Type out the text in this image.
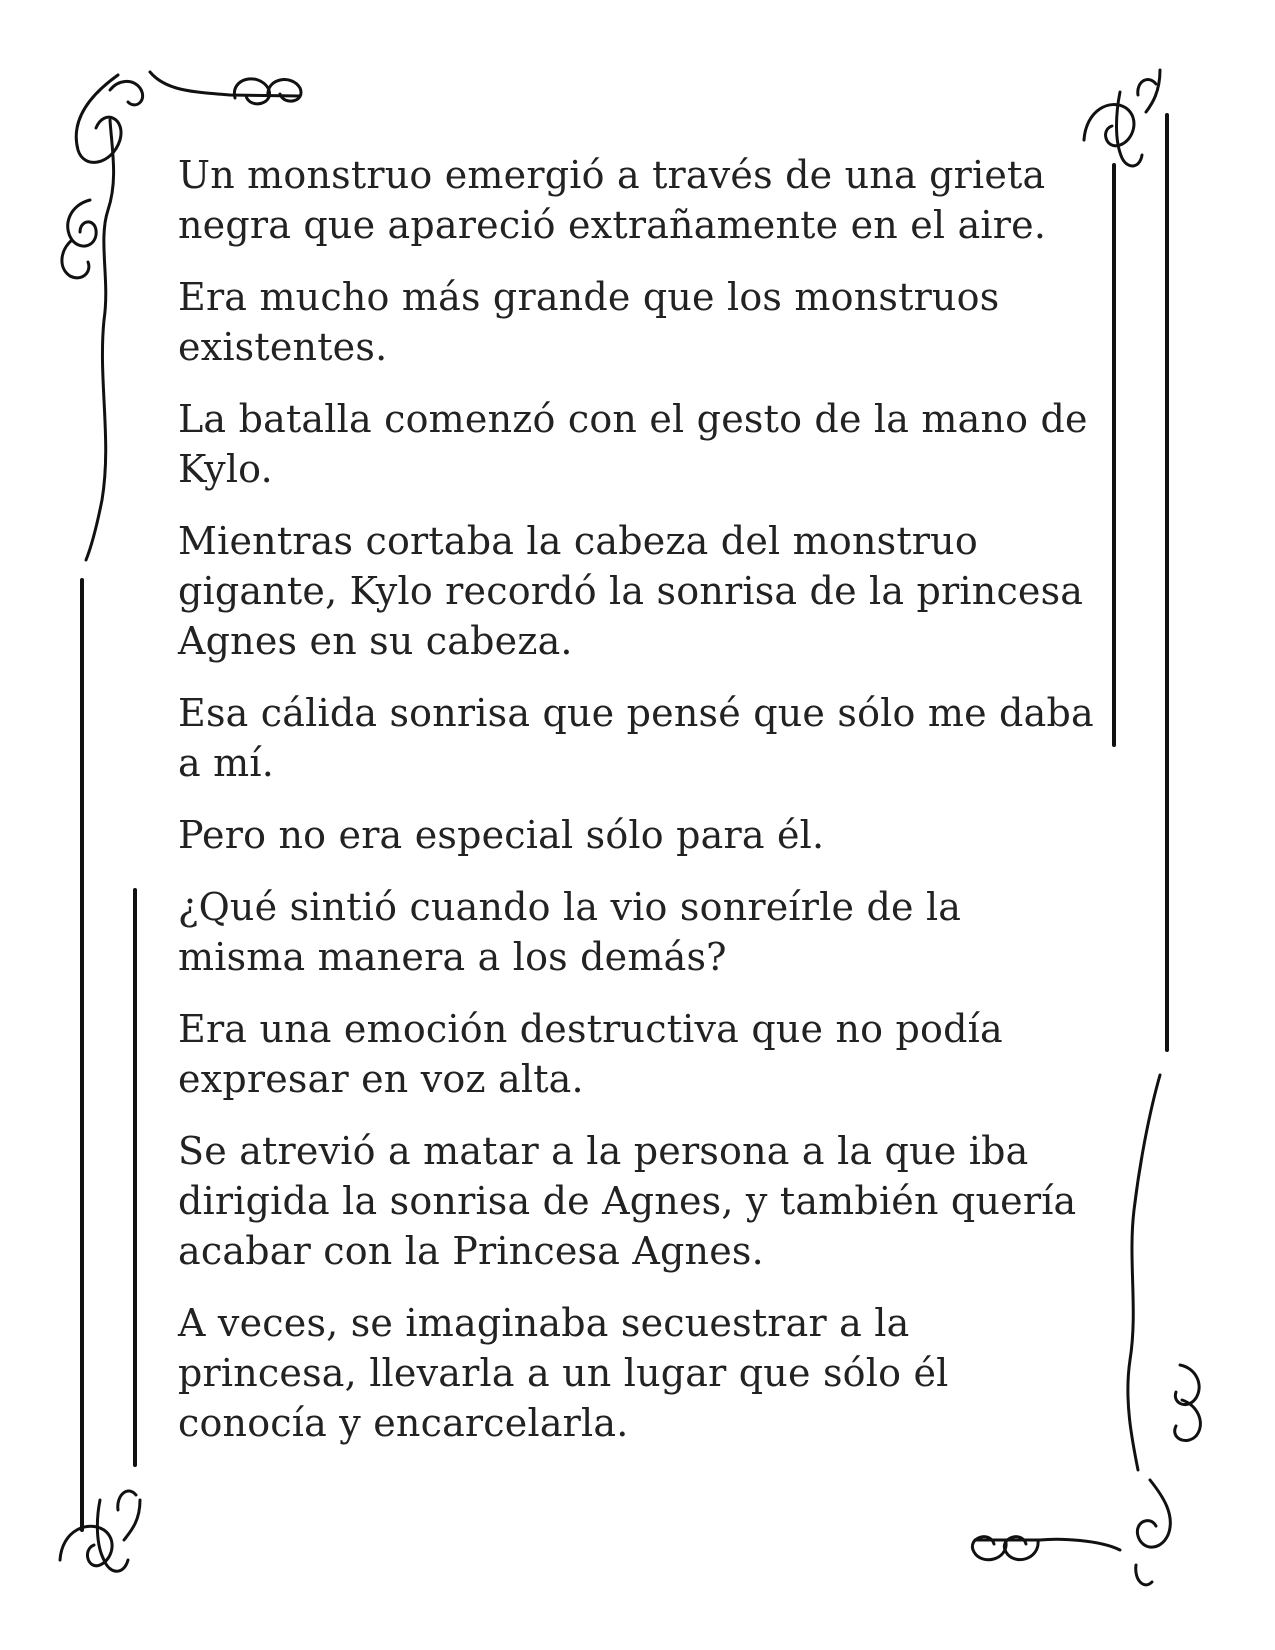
Un monstruo emergió a través de una grieta negra que apareció extrañamente en el aire.

Era mucho más grande que los monstruos existentes.

La batalla comenzó con el gesto de la mano de Kylo.

Mientras cortaba la cabeza del monstruo gigante, Kylo recordó la sonrisa de la princesa Agnes en su cabeza.

Esa cálida sonrisa que pensé que sólo me daba a mí.

Pero no era especial sólo para él.

¿Qué sintió cuando la vio sonreírle de la misma manera a los demás?

Era una emoción destructiva que no podía expresar en voz alta.

Se atrevió a matar a la persona a la que iba dirigida la sonrisa de Agnes, y también quería acabar con la Princesa Agnes.

A veces, se imaginaba secuestrar a la princesa, llevarla a un lugar que sólo él conocía y encarcelarla.
